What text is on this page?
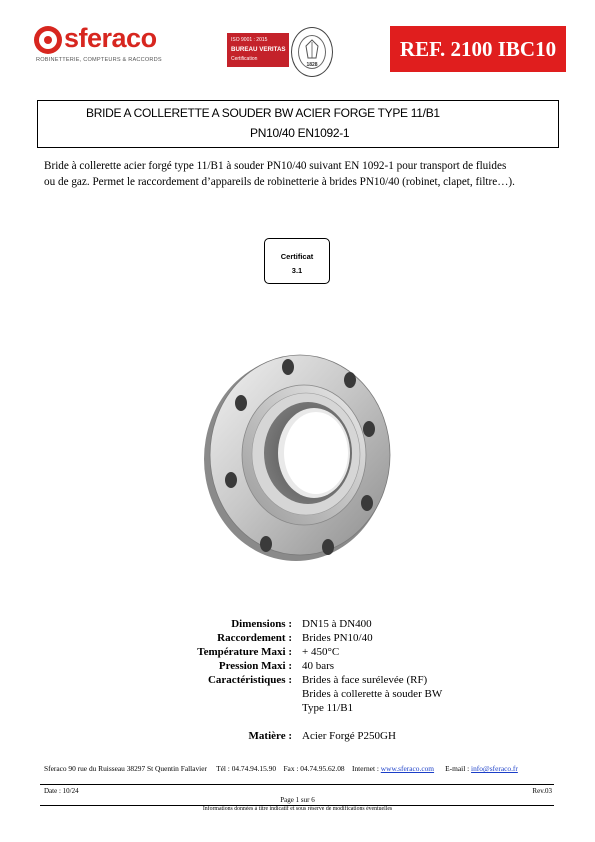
sferaco
ROBINETTERIE, COMPTEURS & RACCORDS
ISO 9001 : 2015
BUREAU VERITAS
Certification
1828
REF. 2100 IBC10
BRIDE A COLLERETTE A SOUDER BW ACIER FORGE TYPE 11/B1
PN10/40 EN1092-1
Bride à collerette acier forgé type 11/B1 à souder PN10/40 suivant EN 1092-1 pour transport de fluides
ou de gaz. Permet le raccordement d’appareils de robinetterie à brides PN10/40 (robinet, clapet, filtre…).
Certificat
3.1
Dimensions : DN15 à DN400
Raccordement : Brides PN10/40
Température Maxi : + 450°C
Pression Maxi : 40 bars
Caractéristiques : Brides à face surélevée (RF)
Brides à collerette à souder BW
Type 11/B1
Matière : Acier Forgé P250GH
Sferaco 90 rue du Ruisseau 38297 St Quentin Fallavier Tél : 04.74.94.15.90 Fax : 04.74.95.62.08 Internet : www.sferaco.com E-mail : info@sferaco.fr
Date : 10/24	Rev.03
Page 1 sur 6
Informations données à titre indicatif et sous réserve de modifications éventuelles
